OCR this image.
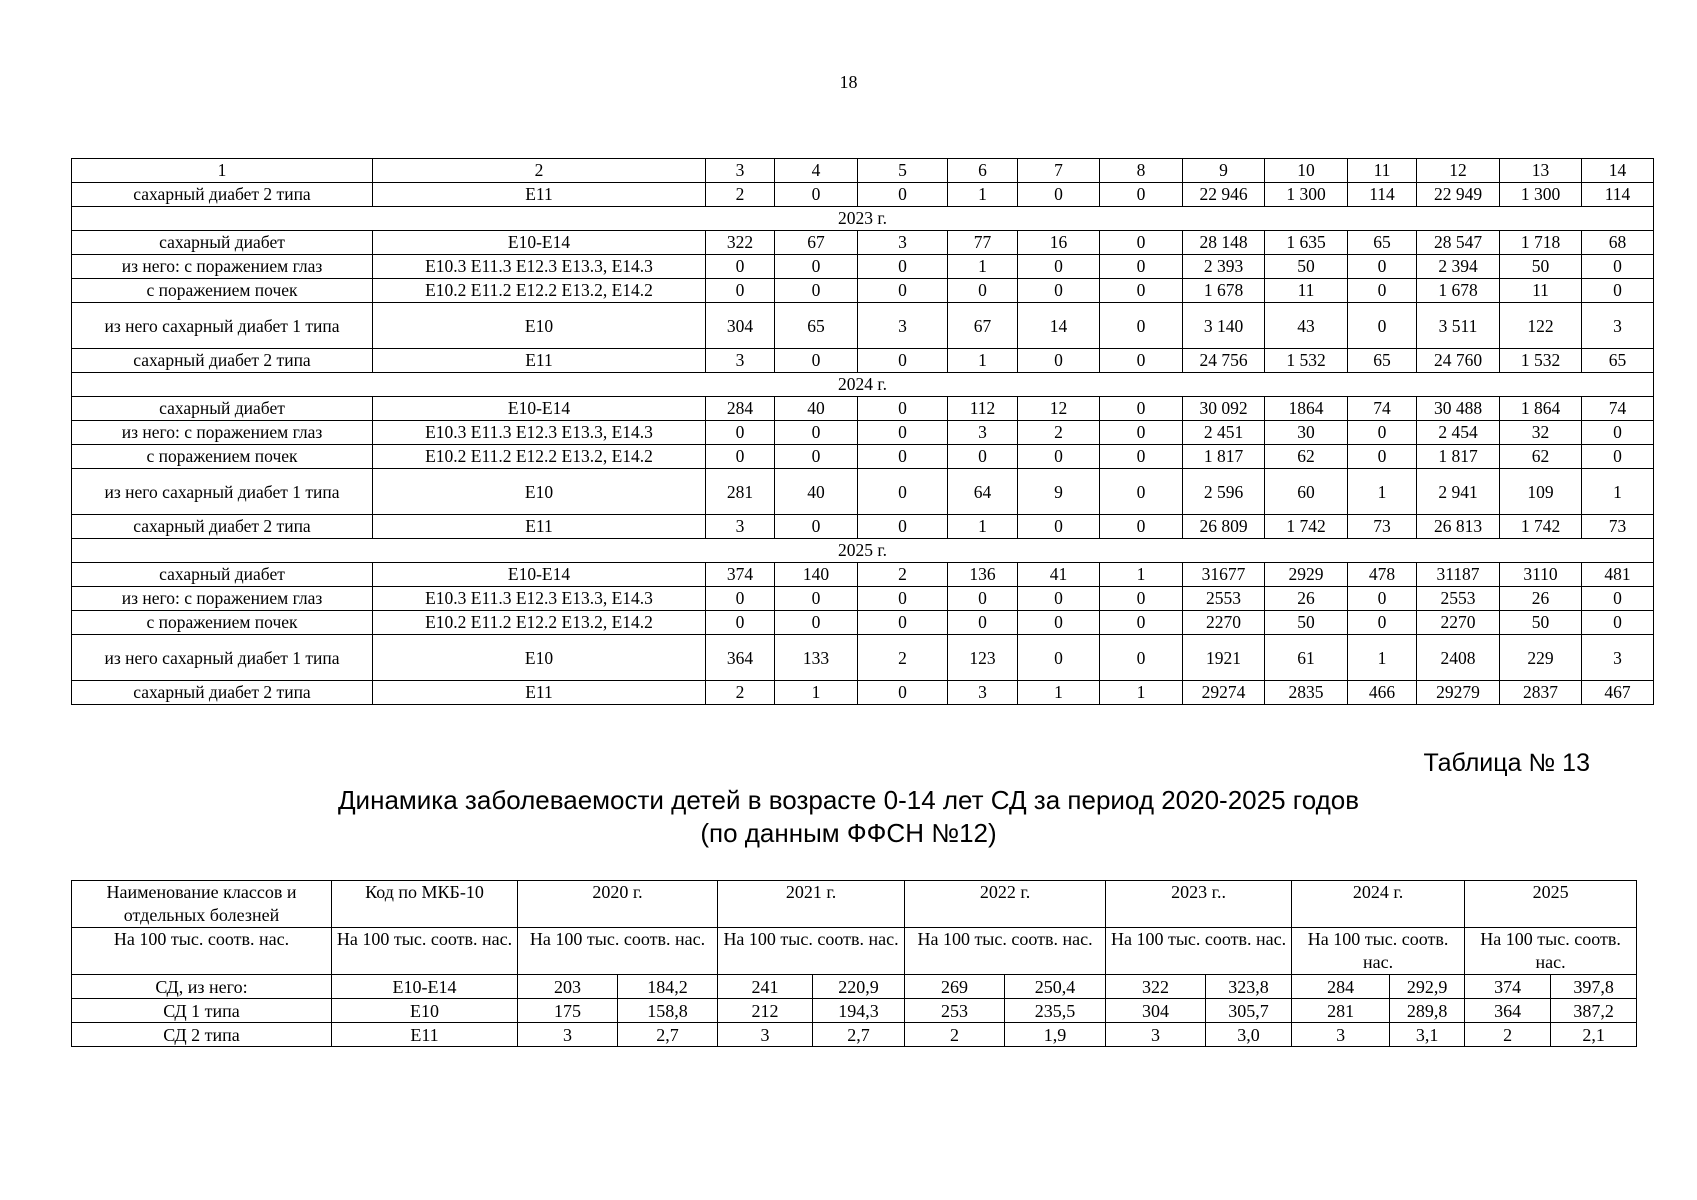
18
1	2	3	4	5	6	7	8	9	10	11	12	13	14
сахарный диабет 2 типа	E11	2	0	0	1	0	0	22 946	1 300	114	22 949	1 300	114
2023 г.													
сахарный диабет	E10-E14	322	67	3	77	16	0	28 148	1 635	65	28 547	1 718	68
из него: с поражением глаз	E10.3 E11.3 E12.3 E13.3, E14.3	0	0	0	1	0	0	2 393	50	0	2 394	50	0
с поражением почек	E10.2 E11.2 E12.2 E13.2, E14.2	0	0	0	0	0	0	1 678	11	0	1 678	11	0
из него сахарный диабет 1 типа	E10	304	65	3	67	14	0	3 140	43	0	3 511	122	3
сахарный диабет 2 типа	E11	3	0	0	1	0	0	24 756	1 532	65	24 760	1 532	65
2024 г.													
сахарный диабет	E10-E14	284	40	0	112	12	0	30 092	1864	74	30 488	1 864	74
из него: с поражением глаз	E10.3 E11.3 E12.3 E13.3, E14.3	0	0	0	3	2	0	2 451	30	0	2 454	32	0
с поражением почек	E10.2 E11.2 E12.2 E13.2, E14.2	0	0	0	0	0	0	1 817	62	0	1 817	62	0
из него сахарный диабет 1 типа	E10	281	40	0	64	9	0	2 596	60	1	2 941	109	1
сахарный диабет 2 типа	E11	3	0	0	1	0	0	26 809	1 742	73	26 813	1 742	73
2025 г.													
сахарный диабет	E10-E14	374	140	2	136	41	1	31677	2929	478	31187	3110	481
из него: с поражением глаз	E10.3 E11.3 E12.3 E13.3, E14.3	0	0	0	0	0	0	2553	26	0	2553	26	0
с поражением почек	E10.2 E11.2 E12.2 E13.2, E14.2	0	0	0	0	0	0	2270	50	0	2270	50	0
из него сахарный диабет 1 типа	E10	364	133	2	123	0	0	1921	61	1	2408	229	3
сахарный диабет 2 типа	E11	2	1	0	3	1	1	29274	2835	466	29279	2837	467
Таблица № 13
Динамика заболеваемости детей в возрасте 0-14 лет СД за период 2020-2025 годов
(по данным ФФСН №12)
Наименование классов и отдельных болезней	Код по МКБ-10	2020 г.		2021 г.		2022 г.		2023 г..		2024 г.		2025	
На 100 тыс. соотв. нас.	На 100 тыс. соотв. нас.	На 100 тыс. соотв. нас.		На 100 тыс. соотв. нас.		На 100 тыс. соотв. нас.		На 100 тыс. соотв. нас.		На 100 тыс. соотв. нас.		На 100 тыс. соотв. нас.	
СД, из него:	E10-E14	203	184,2	241	220,9	269	250,4	322	323,8	284	292,9	374	397,8
СД 1 типа	E10	175	158,8	212	194,3	253	235,5	304	305,7	281	289,8	364	387,2
СД 2 типа	E11	3	2,7	3	2,7	2	1,9	3	3,0	3	3,1	2	2,1
